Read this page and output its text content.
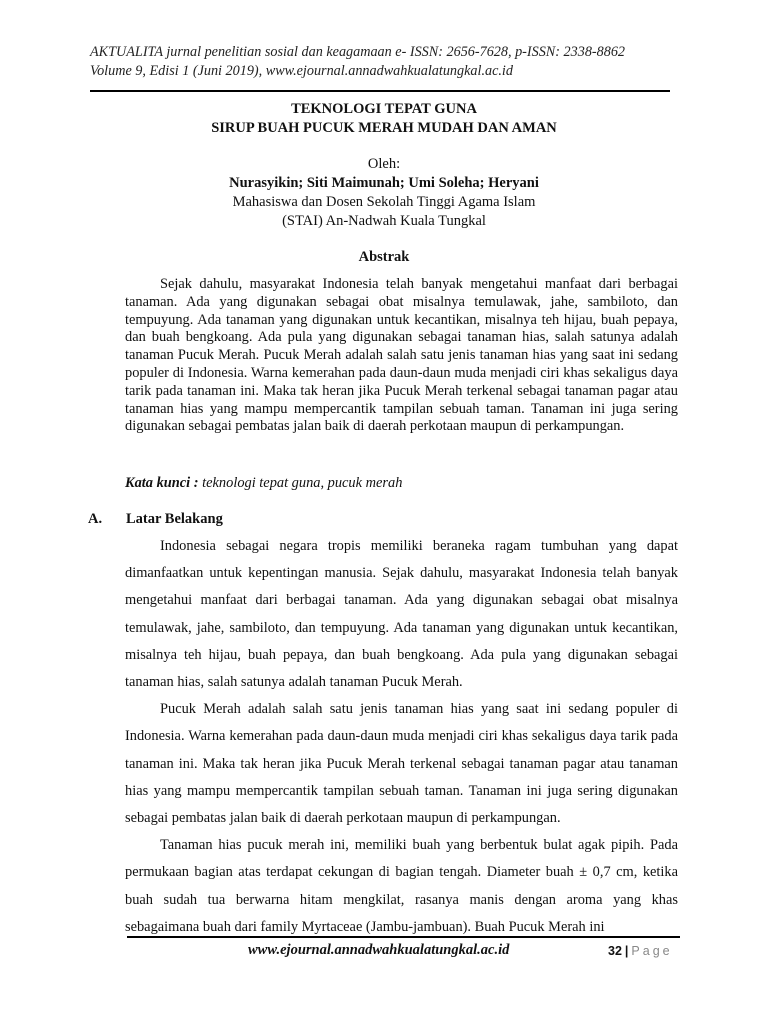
AKTUALITA jurnal penelitian sosial dan keagamaan e- ISSN: 2656-7628, p-ISSN: 2338-8862
Volume 9, Edisi 1 (Juni 2019), www.ejournal.annadwahkualatungkal.ac.id
TEKNOLOGI TEPAT GUNA
SIRUP BUAH PUCUK MERAH MUDAH DAN AMAN
Oleh:
Nurasyikin; Siti Maimunah; Umi Soleha; Heryani
Mahasiswa dan Dosen Sekolah Tinggi Agama Islam
(STAI) An-Nadwah Kuala Tungkal
Abstrak
Sejak dahulu, masyarakat Indonesia telah banyak mengetahui manfaat dari berbagai tanaman. Ada yang digunakan sebagai obat misalnya temulawak, jahe, sambiloto, dan tempuyung. Ada tanaman yang digunakan untuk kecantikan, misalnya teh hijau, buah pepaya, dan buah bengkoang. Ada pula yang digunakan sebagai tanaman hias, salah satunya adalah tanaman Pucuk Merah. Pucuk Merah adalah salah satu jenis tanaman hias yang saat ini sedang populer di Indonesia. Warna kemerahan pada daun-daun muda menjadi ciri khas sekaligus daya tarik pada tanaman ini. Maka tak heran jika Pucuk Merah terkenal sebagai tanaman pagar atau tanaman hias yang mampu mempercantik tampilan sebuah taman. Tanaman ini juga sering digunakan sebagai pembatas jalan baik di daerah perkotaan maupun di perkampungan.
Kata kunci : teknologi tepat guna, pucuk merah
A. Latar Belakang

Indonesia sebagai negara tropis memiliki beraneka ragam tumbuhan yang dapat dimanfaatkan untuk kepentingan manusia. Sejak dahulu, masyarakat Indonesia telah banyak mengetahui manfaat dari berbagai tanaman. Ada yang digunakan sebagai obat misalnya temulawak, jahe, sambiloto, dan tempuyung. Ada tanaman yang digunakan untuk kecantikan, misalnya teh hijau, buah pepaya, dan buah bengkoang. Ada pula yang digunakan sebagai tanaman hias, salah satunya adalah tanaman Pucuk Merah.

Pucuk Merah adalah salah satu jenis tanaman hias yang saat ini sedang populer di Indonesia. Warna kemerahan pada daun-daun muda menjadi ciri khas sekaligus daya tarik pada tanaman ini. Maka tak heran jika Pucuk Merah terkenal sebagai tanaman pagar atau tanaman hias yang mampu mempercantik tampilan sebuah taman. Tanaman ini juga sering digunakan sebagai pembatas jalan baik di daerah perkotaan maupun di perkampungan.

Tanaman hias pucuk merah ini, memiliki buah yang berbentuk bulat agak pipih. Pada permukaan bagian atas terdapat cekungan di bagian tengah. Diameter buah ± 0,7 cm, ketika buah sudah tua berwarna hitam mengkilat, rasanya manis dengan aroma yang khas sebagaimana buah dari family Myrtaceae (Jambu-jambuan). Buah Pucuk Merah ini

www.ejournal.annadwahkualatungkal.ac.id	32 | Page
